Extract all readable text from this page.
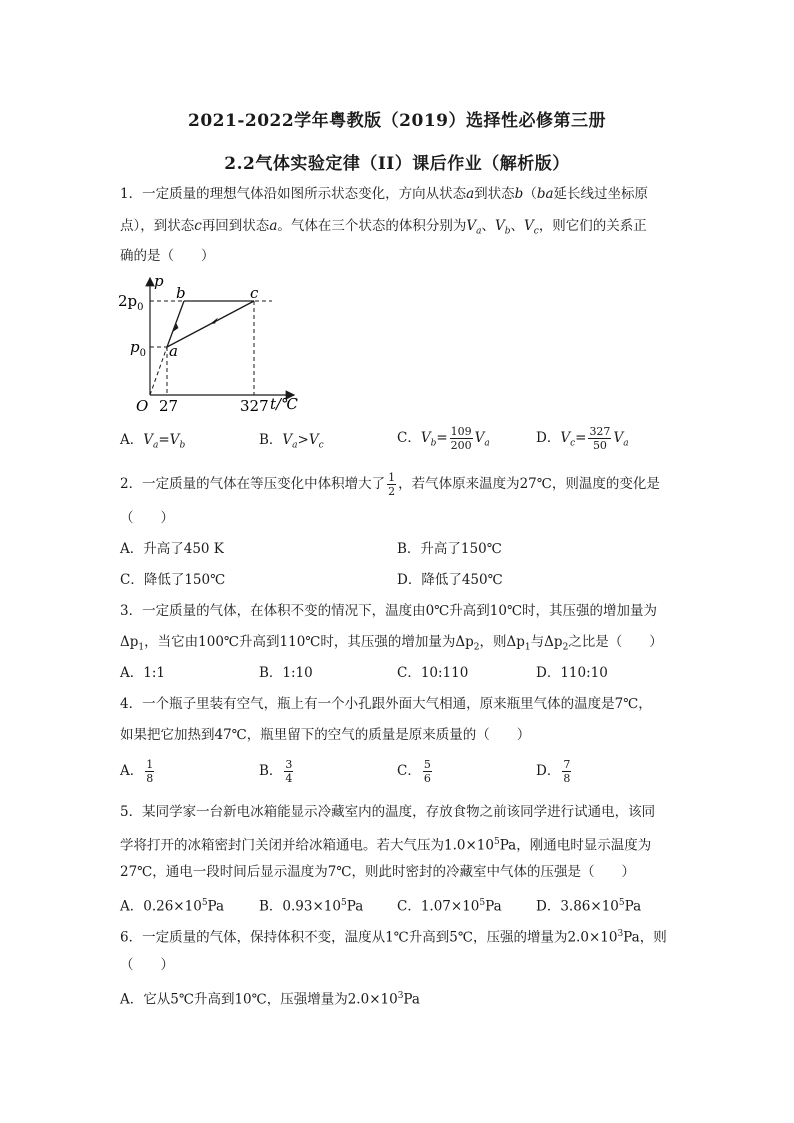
2021-2022学年粤教版（2019）选择性必修第三册
2.2气体实验定律（II）课后作业（解析版）
1．一定质量的理想气体沿如图所示状态变化，方向从状态a到状态b（ba延长线过坐标原
点），到状态c再回到状态a。气体在三个状态的体积分别为$V_a$、$V_b$、$V_c$，则它们的关系正
确的是（　　）
p
t/℃
O
$2p_0$
$p_0$
27	327
a
b	c
A．$V_a=V_b$	B．$V_a>V_c$	C．$V_b= \frac{109}{200} V_a$	D．$V_c= \frac{327}{50} V_a$
2．一定质量的气体在等压变化中体积增大了 $\frac{1}{2}$ ，若气体原来温度为27℃，则温度的变化是
（　　）
A．升高了450 K	B．升高了150℃
C．降低了150℃	D．降低了450℃
3．一定质量的气体，在体积不变的情况下，温度由0℃升高到10℃时，其压强的增加量为
$\Delta p_1$，当它由100℃升高到110℃时，其压强的增加量为$\Delta p_2$，则$\Delta p_1$与$\Delta p_2$之比是（　　）
A．1:1	B．1:10	C．10:110	D．110:10
4．一个瓶子里装有空气，瓶上有一个小孔跟外面大气相通，原来瓶里气体的温度是7℃，
如果把它加热到47℃，瓶里留下的空气的质量是原来质量的（　　）
A． $\frac{1}{8}$	B． $\frac{3}{4}$	C． $\frac{5}{6}$	D． $\frac{7}{8}$
5．某同学家一台新电冰箱能显示冷藏室内的温度，存放食物之前该同学进行试通电，该同
学将打开的冰箱密封门关闭并给冰箱通电。若大气压为$1.0\times 10^5Pa$，刚通电时显示温度为
27℃，通电一段时间后显示温度为7℃，则此时密封的冷藏室中气体的压强是（　　）
A．$0.26\times 10^5Pa$	B．$0.93\times 10^5Pa$	C．$1.07\times 10^5Pa$	D．$3.86\times 10^5Pa$
6．一定质量的气体，保持体积不变，温度从1℃升高到5℃，压强的增量为$2.0\times 10^3Pa$，则
（　　）
A．它从5℃升高到10℃，压强增量为$2.0\times 10^3Pa$
